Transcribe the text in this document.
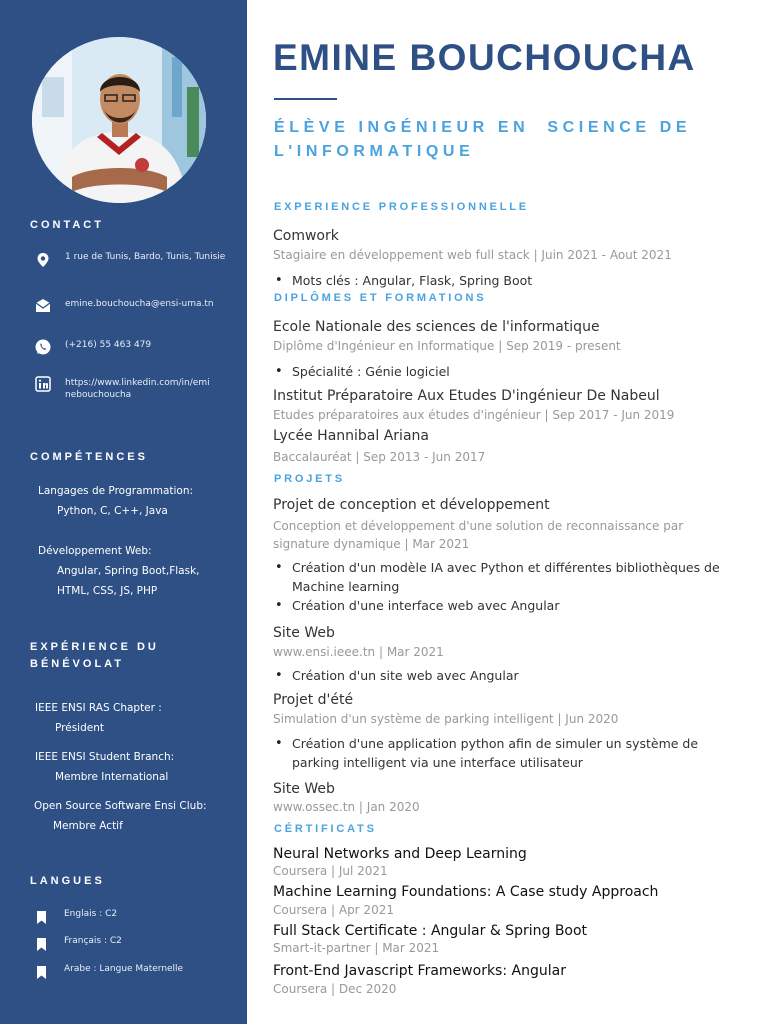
CONTACT
1 rue de Tunis, Bardo, Tunis, Tunisie
emine.bouchoucha@ensi-uma.tn
(+216) 55 463 479
https://www.linkedin.com/in/eminebouchoucha
COMPÉTENCES
Langages de Programmation:
Python, C, C++, Java
Développement Web:
Angular, Spring Boot,Flask,
HTML, CSS, JS, PHP
EXPÉRIENCE DU BÉNÉVOLAT
IEEE ENSI RAS Chapter :
Président
IEEE ENSI Student Branch:
Membre International
Open Source Software Ensi Club:
Membre Actif
LANGUES
Englais : C2
Français : C2
Arabe : Langue Maternelle
EMINE BOUCHOUCHA
ÉLÈVE INGÉNIEUR EN  SCIENCE DE L'INFORMATIQUE
EXPERIENCE PROFESSIONNELLE
Comwork
Stagiaire en développement web full stack | Juin 2021 - Aout 2021
• Mots clés : Angular, Flask, Spring Boot
DIPLÔMES ET FORMATIONS
Ecole Nationale des sciences de l'informatique
Diplôme d'Ingénieur en Informatique | Sep 2019 - present
• Spécialité : Génie logiciel
Institut Préparatoire Aux Etudes D'ingénieur De Nabeul
Etudes préparatoires aux études d'ingénieur | Sep 2017 - Jun 2019
Lycée Hannibal Ariana
Baccalauréat | Sep 2013 - Jun 2017
PROJETS
Projet de conception et développement
Conception et développement d'une solution de reconnaissance par signature dynamique | Mar 2021
• Création d'un modèle IA avec Python et différentes bibliothèques de Machine learning
• Création d'une interface web avec Angular
Site Web
www.ensi.ieee.tn | Mar 2021
• Création d'un site web avec Angular
Projet d'été
Simulation d'un système de parking intelligent | Jun 2020
• Création d'une application python afin de simuler un système de parking intelligent via une interface utilisateur
Site Web
www.ossec.tn | Jan 2020
CÉRTIFICATS
Neural Networks and Deep Learning
Coursera | Jul 2021
Machine Learning Foundations: A Case study Approach
Coursera | Apr 2021
Full Stack Certificate : Angular & Spring Boot
Smart-it-partner | Mar 2021
Front-End Javascript Frameworks: Angular
Coursera | Dec 2020
